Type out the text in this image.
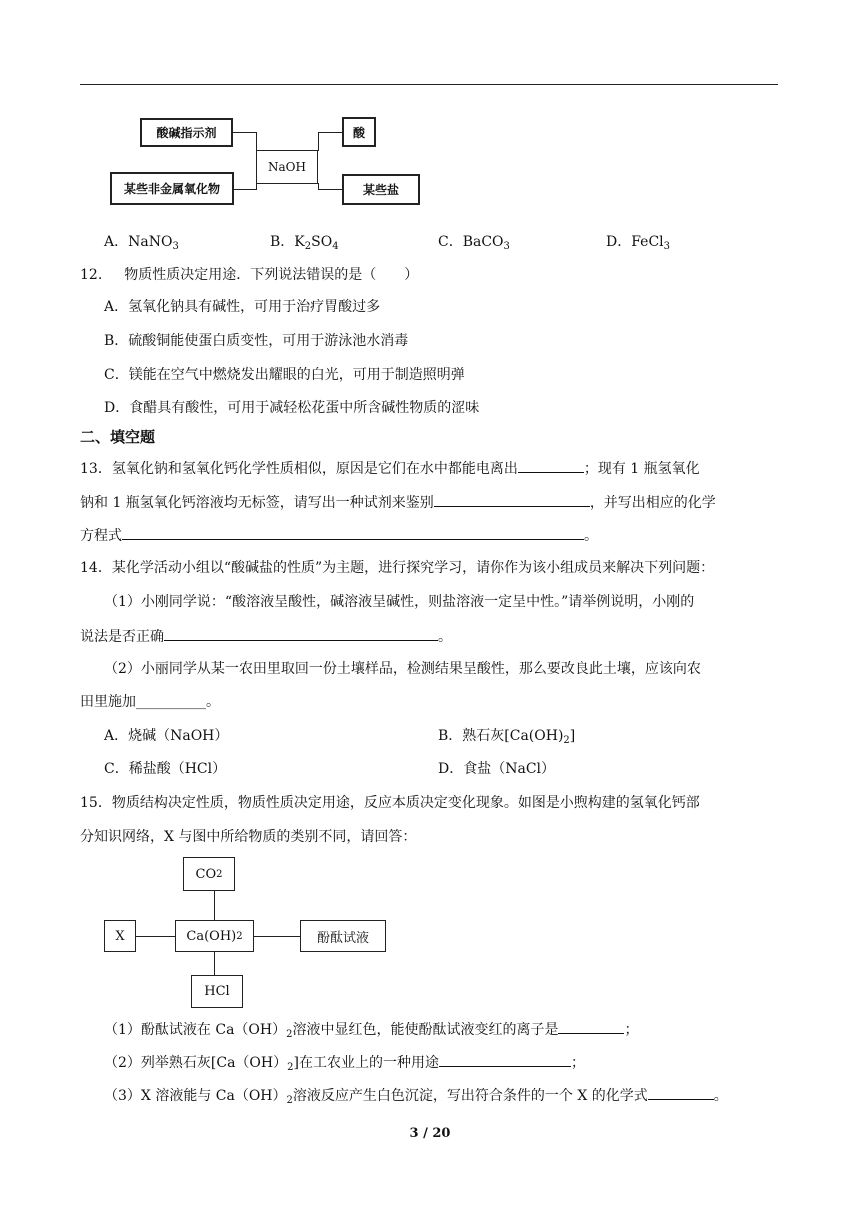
酸碱指示剂
某些非金属氧化物
NaOH
酸
某些盐
A．NaNO$_3$	B．$K_2SO_4$	C．BaCO$_3$	D．FeCl$_3$
12. 物质性质决定用途．下列说法错误的是（　　）
A．氢氧化钠具有碱性，可用于治疗胃酸过多
B．硫酸铜能使蛋白质变性，可用于游泳池水消毒
C．镁能在空气中燃烧发出耀眼的白光，可用于制造照明弹
D．食醋具有酸性，可用于减轻松花蛋中所含碱性物质的涩味
二、填空题
13．氢氧化钠和氢氧化钙化学性质相似，原因是它们在水中都能电离出	；现有 1 瓶氢氧化
钠和 1 瓶氢氧化钙溶液均无标签，请写出一种试剂来鉴别	，并写出相应的化学
方程式	。
14．某化学活动小组以“酸碱盐的性质”为主题，进行探究学习，请你作为该小组成员来解决下列问题：
（1）小刚同学说：“酸溶液呈酸性，碱溶液呈碱性，则盐溶液一定呈中性。”请举例说明，小刚的
说法是否正确	。
（2）小丽同学从某一农田里取回一份土壤样品，检测结果呈酸性，那么要改良此土壤，应该向农
田里施加__________。
A．烧碱（NaOH）	B．熟石灰$[Ca(OH)_2]$
C．稀盐酸（HCl）	D．食盐（NaCl）
15．物质结构决定性质，物质性质决定用途，反应本质决定变化现象。如图是小煦构建的氢氧化钙部
分知识网络，X 与图中所给物质的类别不同，请回答：
CO 2
X	Ca(OH) 2	酚酞试液
HCl
（1）酚酞试液在 $Ca(OH)_2$溶液中显红色，能使酚酞试液变红的离子是	；
（2）列举熟石灰$[Ca(OH)_2]$在工农业上的一种用途	；
（3）X 溶液能与 $Ca(OH)_2$溶液反应产生白色沉淀，写出符合条件的一个 X 的化学式	。
3 / 20
